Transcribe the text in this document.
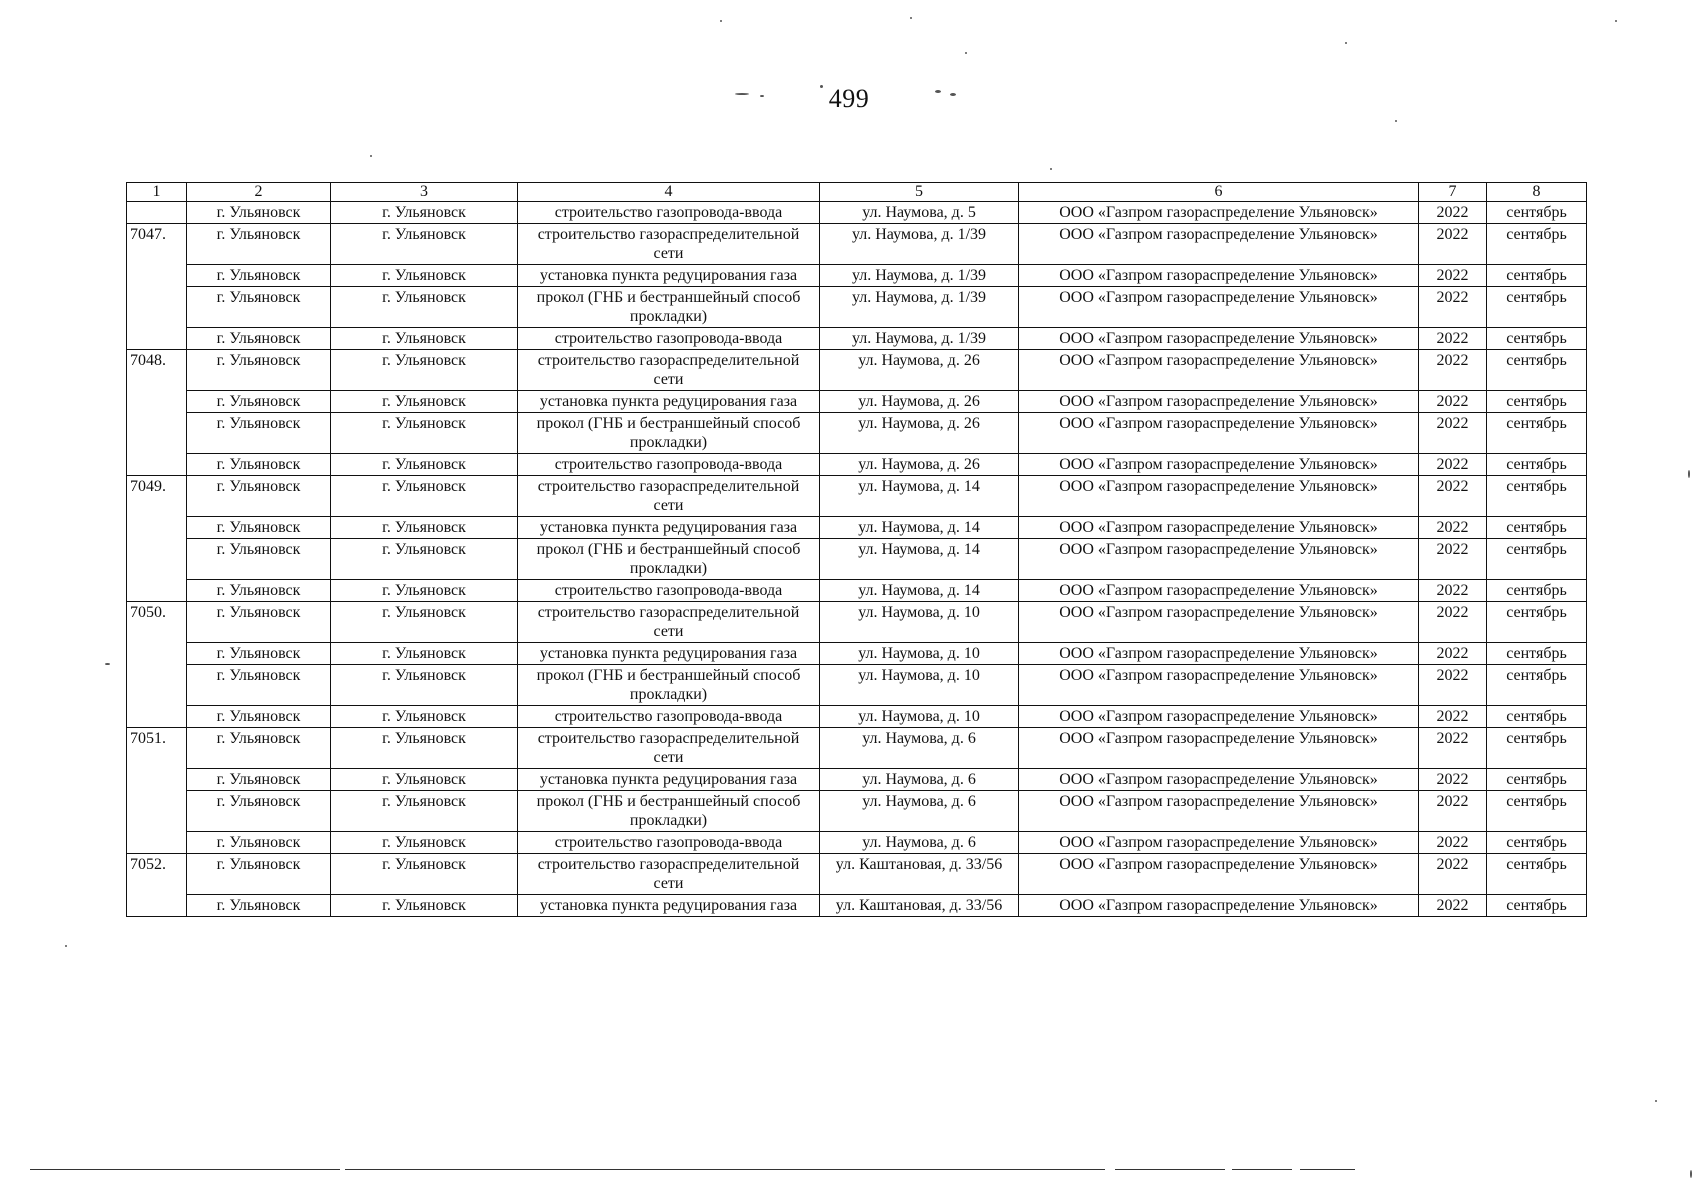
499
1	2	3	4	5	6	7	8
	г. Ульяновск	г. Ульяновск	строительство газопровода-ввода	ул. Наумова, д. 5	ООО «Газпром газораспределение Ульяновск»	2022	сентябрь
7047.	г. Ульяновск	г. Ульяновск	строительство газораспределительной сети	ул. Наумова, д. 1/39	ООО «Газпром газораспределение Ульяновск»	2022	сентябрь
	г. Ульяновск	г. Ульяновск	установка пункта редуцирования газа	ул. Наумова, д. 1/39	ООО «Газпром газораспределение Ульяновск»	2022	сентябрь
	г. Ульяновск	г. Ульяновск	прокол (ГНБ и бестраншейный способ прокладки)	ул. Наумова, д. 1/39	ООО «Газпром газораспределение Ульяновск»	2022	сентябрь
	г. Ульяновск	г. Ульяновск	строительство газопровода-ввода	ул. Наумова, д. 1/39	ООО «Газпром газораспределение Ульяновск»	2022	сентябрь
7048.	г. Ульяновск	г. Ульяновск	строительство газораспределительной сети	ул. Наумова, д. 26	ООО «Газпром газораспределение Ульяновск»	2022	сентябрь
	г. Ульяновск	г. Ульяновск	установка пункта редуцирования газа	ул. Наумова, д. 26	ООО «Газпром газораспределение Ульяновск»	2022	сентябрь
	г. Ульяновск	г. Ульяновск	прокол (ГНБ и бестраншейный способ прокладки)	ул. Наумова, д. 26	ООО «Газпром газораспределение Ульяновск»	2022	сентябрь
	г. Ульяновск	г. Ульяновск	строительство газопровода-ввода	ул. Наумова, д. 26	ООО «Газпром газораспределение Ульяновск»	2022	сентябрь
7049.	г. Ульяновск	г. Ульяновск	строительство газораспределительной сети	ул. Наумова, д. 14	ООО «Газпром газораспределение Ульяновск»	2022	сентябрь
	г. Ульяновск	г. Ульяновск	установка пункта редуцирования газа	ул. Наумова, д. 14	ООО «Газпром газораспределение Ульяновск»	2022	сентябрь
	г. Ульяновск	г. Ульяновск	прокол (ГНБ и бестраншейный способ прокладки)	ул. Наумова, д. 14	ООО «Газпром газораспределение Ульяновск»	2022	сентябрь
	г. Ульяновск	г. Ульяновск	строительство газопровода-ввода	ул. Наумова, д. 14	ООО «Газпром газораспределение Ульяновск»	2022	сентябрь
7050.	г. Ульяновск	г. Ульяновск	строительство газораспределительной сети	ул. Наумова, д. 10	ООО «Газпром газораспределение Ульяновск»	2022	сентябрь
	г. Ульяновск	г. Ульяновск	установка пункта редуцирования газа	ул. Наумова, д. 10	ООО «Газпром газораспределение Ульяновск»	2022	сентябрь
	г. Ульяновск	г. Ульяновск	прокол (ГНБ и бестраншейный способ прокладки)	ул. Наумова, д. 10	ООО «Газпром газораспределение Ульяновск»	2022	сентябрь
	г. Ульяновск	г. Ульяновск	строительство газопровода-ввода	ул. Наумова, д. 10	ООО «Газпром газораспределение Ульяновск»	2022	сентябрь
7051.	г. Ульяновск	г. Ульяновск	строительство газораспределительной сети	ул. Наумова, д. 6	ООО «Газпром газораспределение Ульяновск»	2022	сентябрь
	г. Ульяновск	г. Ульяновск	установка пункта редуцирования газа	ул. Наумова, д. 6	ООО «Газпром газораспределение Ульяновск»	2022	сентябрь
	г. Ульяновск	г. Ульяновск	прокол (ГНБ и бестраншейный способ прокладки)	ул. Наумова, д. 6	ООО «Газпром газораспределение Ульяновск»	2022	сентябрь
	г. Ульяновск	г. Ульяновск	строительство газопровода-ввода	ул. Наумова, д. 6	ООО «Газпром газораспределение Ульяновск»	2022	сентябрь
7052.	г. Ульяновск	г. Ульяновск	строительство газораспределительной сети	ул. Каштановая, д. 33/56	ООО «Газпром газораспределение Ульяновск»	2022	сентябрь
	г. Ульяновск	г. Ульяновск	установка пункта редуцирования газа	ул. Каштановая, д. 33/56	ООО «Газпром газораспределение Ульяновск»	2022	сентябрь
